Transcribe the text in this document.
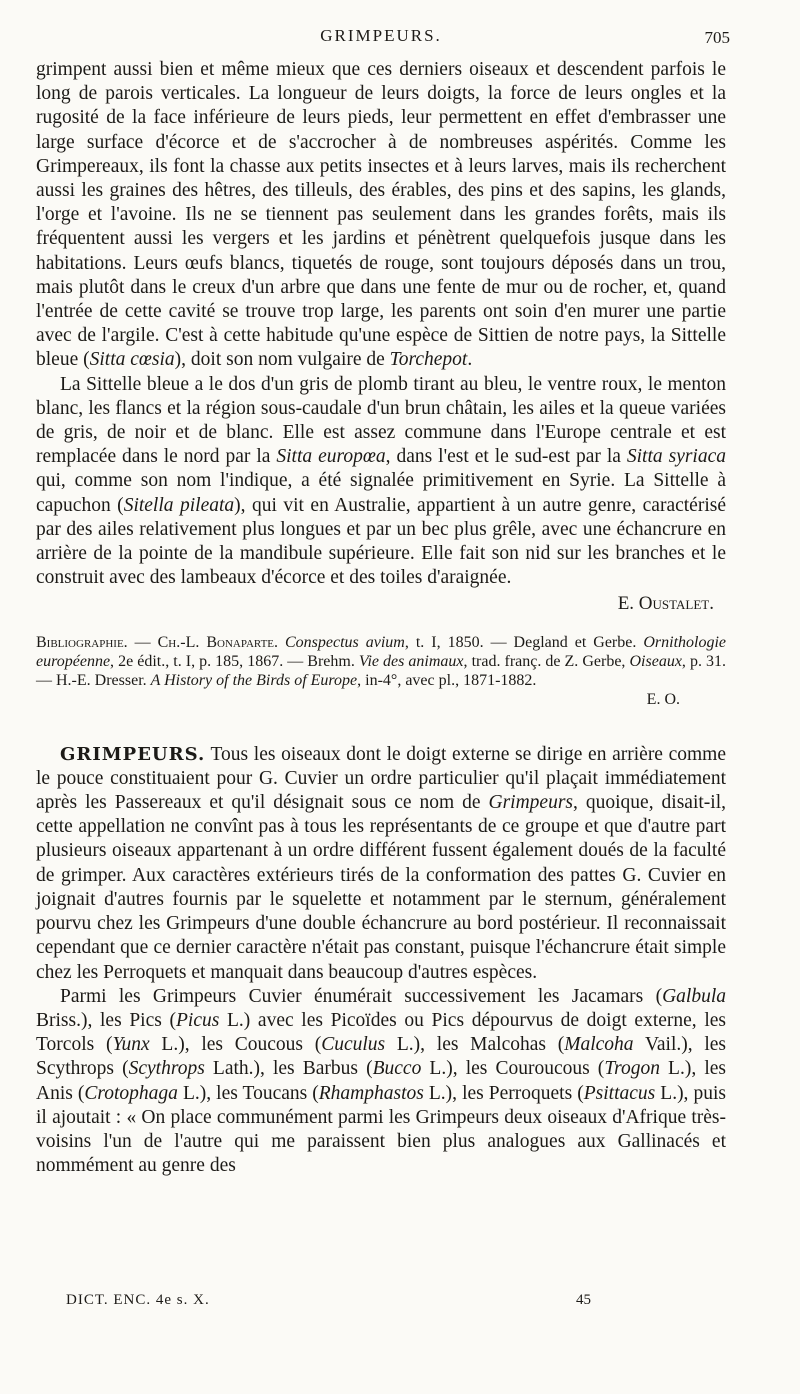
GRIMPEURS.	705

grimpent aussi bien et même mieux que ces derniers oiseaux et descendent parfois le long de parois verticales. La longueur de leurs doigts, la force de leurs ongles et la rugosité de la face inférieure de leurs pieds, leur permettent en effet d'embrasser une large surface d'écorce et de s'accrocher à de nombreuses aspérités. Comme les Grimpereaux, ils font la chasse aux petits insectes et à leurs larves, mais ils recherchent aussi les graines des hêtres, des tilleuls, des érables, des pins et des sapins, les glands, l'orge et l'avoine. Ils ne se tiennent pas seulement dans les grandes forêts, mais ils fréquentent aussi les vergers et les jardins et pénètrent quelquefois jusque dans les habitations. Leurs œufs blancs, tiquetés de rouge, sont toujours déposés dans un trou, mais plutôt dans le creux d'un arbre que dans une fente de mur ou de rocher, et, quand l'entrée de cette cavité se trouve trop large, les parents ont soin d'en murer une partie avec de l'argile. C'est à cette habitude qu'une espèce de Sittien de notre pays, la Sittelle bleue (Sitta cœsia), doit son nom vulgaire de Torchepot.

La Sittelle bleue a le dos d'un gris de plomb tirant au bleu, le ventre roux, le menton blanc, les flancs et la région sous-caudale d'un brun châtain, les ailes et la queue variées de gris, de noir et de blanc. Elle est assez commune dans l'Europe centrale et est remplacée dans le nord par la Sitta europœa, dans l'est et le sud-est par la Sitta syriaca qui, comme son nom l'indique, a été signalée primitivement en Syrie. La Sittelle à capuchon (Sitella pileata), qui vit en Australie, appartient à un autre genre, caractérisé par des ailes relativement plus longues et par un bec plus grêle, avec une échancrure en arrière de la pointe de la mandibule supérieure. Elle fait son nid sur les branches et le construit avec des lambeaux d'écorce et des toiles d'araignée.

E. Oustalet.

Bibliographie. — Ch.-L. Bonaparte. Conspectus avium, t. I, 1850. — Degland et Gerbe. Ornithologie européenne, 2e édit., t. I, p. 185, 1867. — Brehm. Vie des animaux, trad. franç. de Z. Gerbe, Oiseaux, p. 31. — H.-E. Dresser. A History of the Birds of Europe, in-4°, avec pl., 1871-1882.
E. O.

GRIMPEURS. Tous les oiseaux dont le doigt externe se dirige en arrière comme le pouce constituaient pour G. Cuvier un ordre particulier qu'il plaçait immédiatement après les Passereaux et qu'il désignait sous ce nom de Grimpeurs, quoique, disait-il, cette appellation ne convînt pas à tous les représentants de ce groupe et que d'autre part plusieurs oiseaux appartenant à un ordre différent fussent également doués de la faculté de grimper. Aux caractères extérieurs tirés de la conformation des pattes G. Cuvier en joignait d'autres fournis par le squelette et notamment par le sternum, généralement pourvu chez les Grimpeurs d'une double échancrure au bord postérieur. Il reconnaissait cependant que ce dernier caractère n'était pas constant, puisque l'échancrure était simple chez les Perroquets et manquait dans beaucoup d'autres espèces.

Parmi les Grimpeurs Cuvier énumérait successivement les Jacamars (Galbula Briss.), les Pics (Picus L.) avec les Picoïdes ou Pics dépourvus de doigt externe, les Torcols (Yunx L.), les Coucous (Cuculus L.), les Malcohas (Malcoha Vail.), les Scythrops (Scythrops Lath.), les Barbus (Bucco L.), les Couroucous (Trogon L.), les Anis (Crotophaga L.), les Toucans (Rhamphastos L.), les Perroquets (Psittacus L.), puis il ajoutait : « On place communément parmi les Grimpeurs deux oiseaux d'Afrique très-voisins l'un de l'autre qui me paraissent bien plus analogues aux Gallinacés et nommément au genre des

DICT. ENC. 4e s. X.	45
